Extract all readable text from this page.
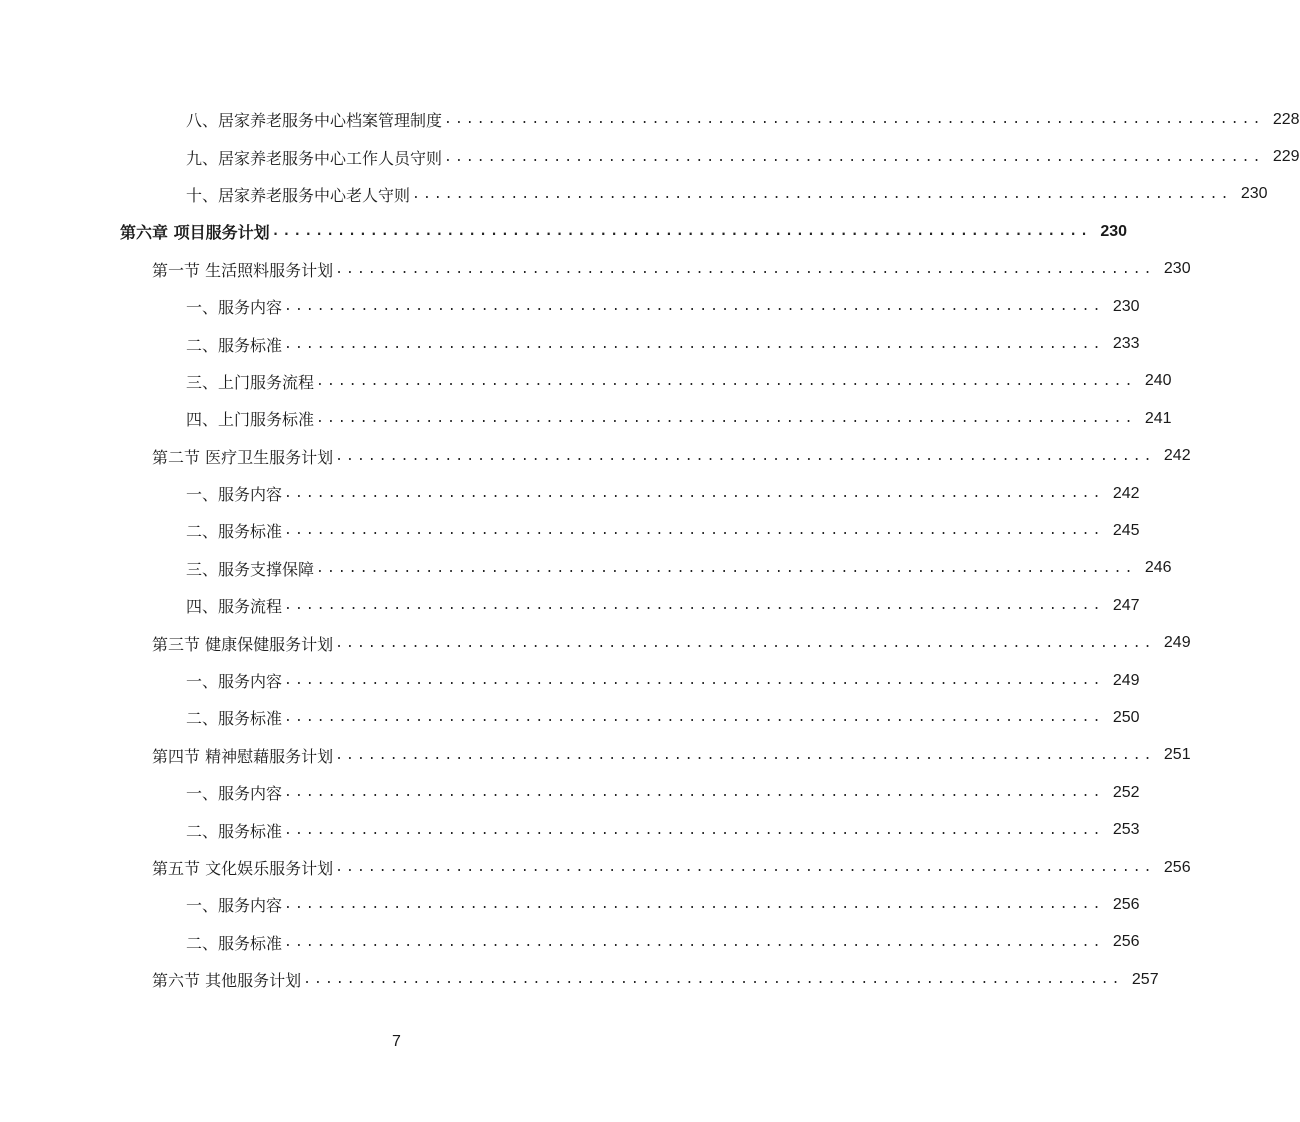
八、居家养老服务中心档案管理制度 ........................................................................... 228
九、居家养老服务中心工作人员守则 ........................................................................... 229
十、居家养老服务中心老人守则 ........................................................................... 230
第六章 项目服务计划 ........................................................................... 230
第一节 生活照料服务计划 ........................................................................... 230
一、服务内容 ........................................................................... 230
二、服务标准 ........................................................................... 233
三、上门服务流程 ........................................................................... 240
四、上门服务标准 ........................................................................... 241
第二节 医疗卫生服务计划 ........................................................................... 242
一、服务内容 ........................................................................... 242
二、服务标准 ........................................................................... 245
三、服务支撑保障 ........................................................................... 246
四、服务流程 ........................................................................... 247
第三节 健康保健服务计划 ........................................................................... 249
一、服务内容 ........................................................................... 249
二、服务标准 ........................................................................... 250
第四节 精神慰藉服务计划 ........................................................................... 251
一、服务内容 ........................................................................... 252
二、服务标准 ........................................................................... 253
第五节 文化娱乐服务计划 ........................................................................... 256
一、服务内容 ........................................................................... 256
二、服务标准 ........................................................................... 256
第六节 其他服务计划 ........................................................................... 257
7
